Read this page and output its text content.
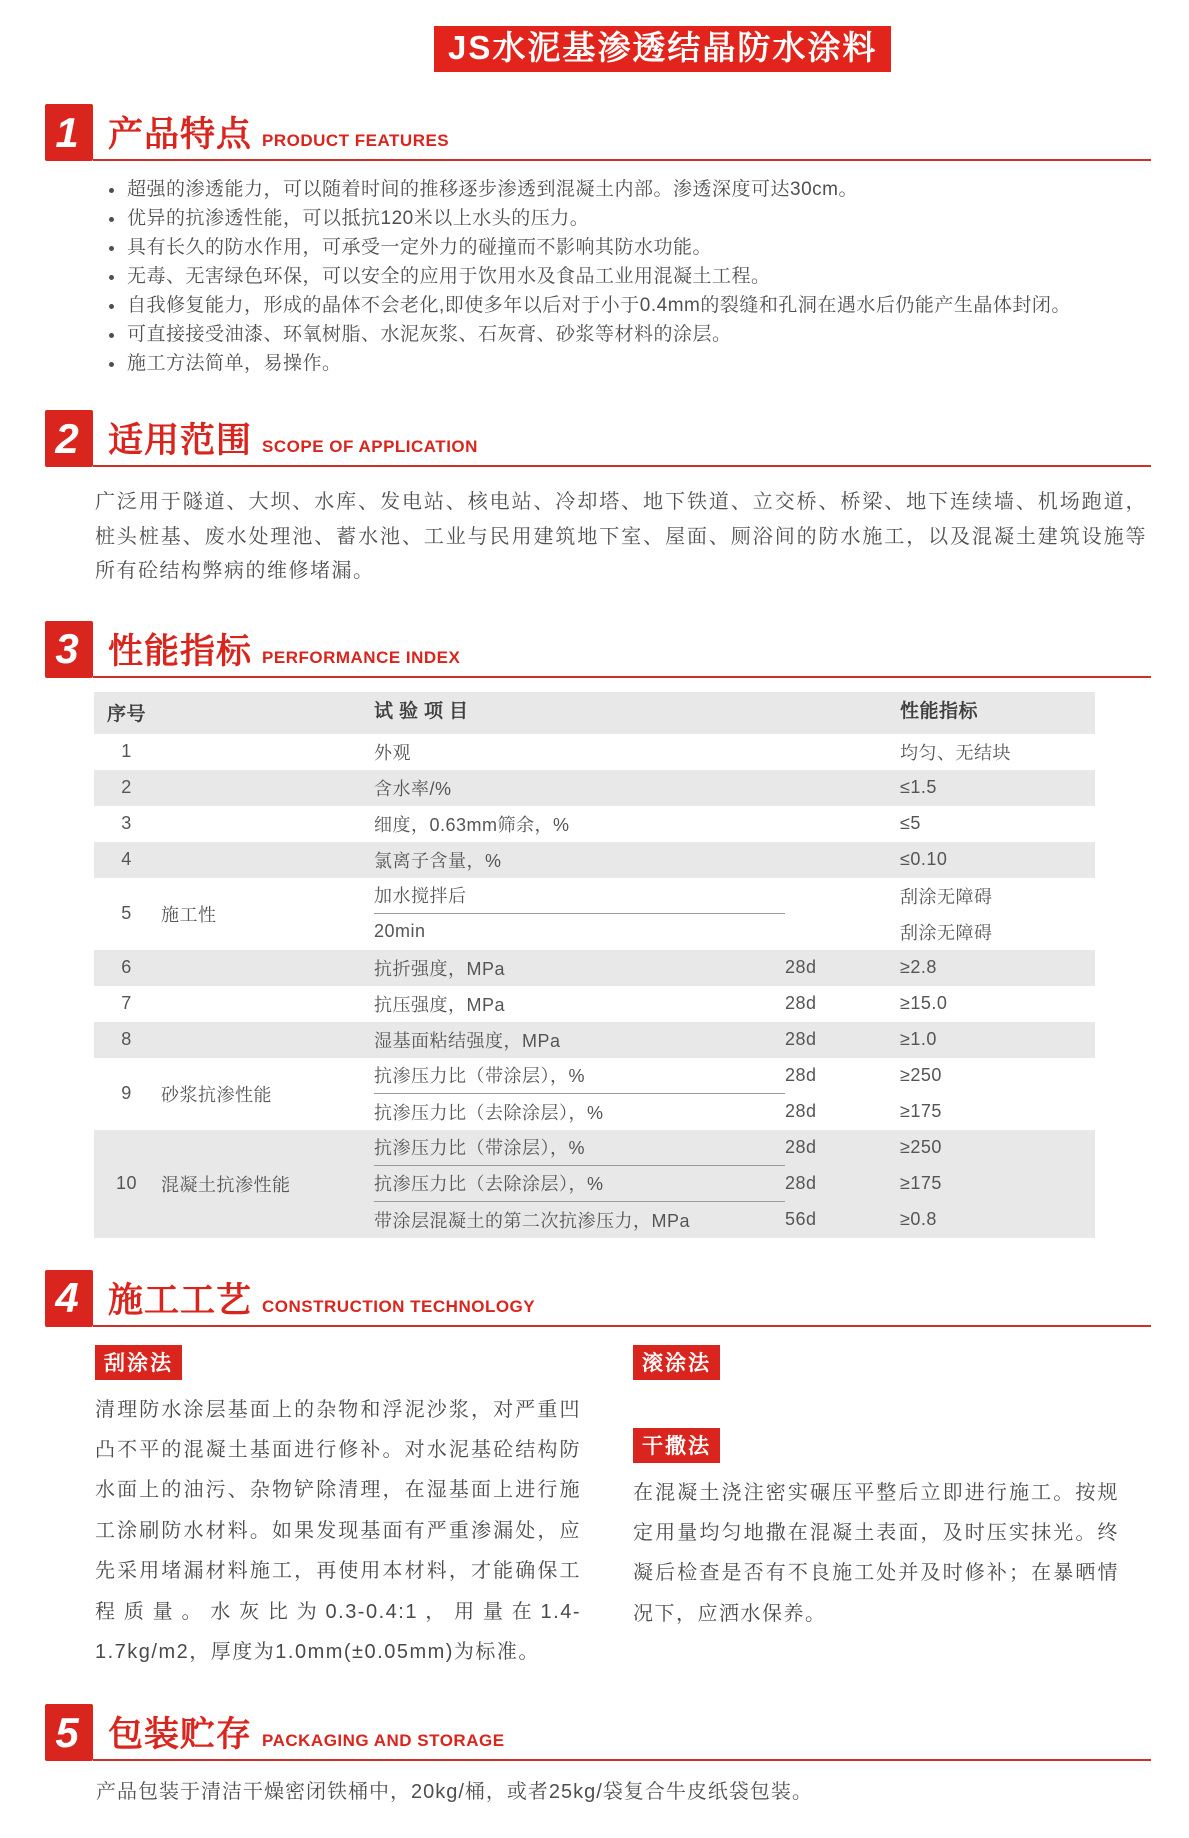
JS水泥基渗透结晶防水涂料
1 产品特点 PRODUCT FEATURES
超强的渗透能力，可以随着时间的推移逐步渗透到混凝土内部。渗透深度可达30cm。
优异的抗渗透性能，可以抵抗120米以上水头的压力。
具有长久的防水作用，可承受一定外力的碰撞而不影响其防水功能。
无毒、无害绿色环保，可以安全的应用于饮用水及食品工业用混凝土工程。
自我修复能力，形成的晶体不会老化,即使多年以后对于小于0.4mm的裂缝和孔洞在遇水后仍能产生晶体封闭。
可直接接受油漆、环氧树脂、水泥灰浆、石灰膏、砂浆等材料的涂层。
施工方法简单，易操作。
2 适用范围 SCOPE OF APPLICATION

广泛用于隧道、大坝、水库、发电站、核电站、冷却塔、地下铁道、立交桥、桥梁、地下连续墙、机场跑道，桩头桩基、废水处理池、蓄水池、工业与民用建筑地下室、屋面、厕浴间的防水施工，以及混凝土建筑设施等所有砼结构弊病的维修堵漏。

3 性能指标 PERFORMANCE INDEX
序号	试验项目	性能指标
1	外观	均匀、无结块
2	含水率/%	≤1.5
3	细度，0.63mm筛余，%	≤5
4	氯离子含量，%	≤0.10
5	施工性
加水搅拌后	刮涂无障碍
20min	刮涂无障碍
6	抗折强度，MPa	28d	≥2.8
7	抗压强度，MPa	28d	≥15.0
8	湿基面粘结强度，MPa	28d	≥1.0
9	砂浆抗渗性能
抗渗压力比（带涂层），%	28d	≥250
抗渗压力比（去除涂层），%	28d	≥175
10	混凝土抗渗性能
抗渗压力比（带涂层），%	28d	≥250
抗渗压力比（去除涂层），%	28d	≥175
带涂层混凝土的第二次抗渗压力，MPa	56d	≥0.8
4 施工工艺 CONSTRUCTION TECHNOLOGY
刮涂法

清理防水涂层基面上的杂物和浮泥沙浆，对严重凹凸不平的混凝土基面进行修补。对水泥基砼结构防水面上的油污、杂物铲除清理，在湿基面上进行施工涂刷防水材料。如果发现基面有严重渗漏处，应先采用堵漏材料施工，再使用本材料，才能确保工程质量。水灰比为0.3-0.4:1，用量在1.4-1.7kg/m2，厚度为1.0mm(±0.05mm)为标准。

滚涂法
干撒法

在混凝土浇注密实碾压平整后立即进行施工。按规定用量均匀地撒在混凝土表面，及时压实抹光。终凝后检查是否有不良施工处并及时修补；在暴晒情况下，应洒水保养。

5 包装贮存 PACKAGING AND STORAGE

产品包装于清洁干燥密闭铁桶中，20kg/桶，或者25kg/袋复合牛皮纸袋包装。
